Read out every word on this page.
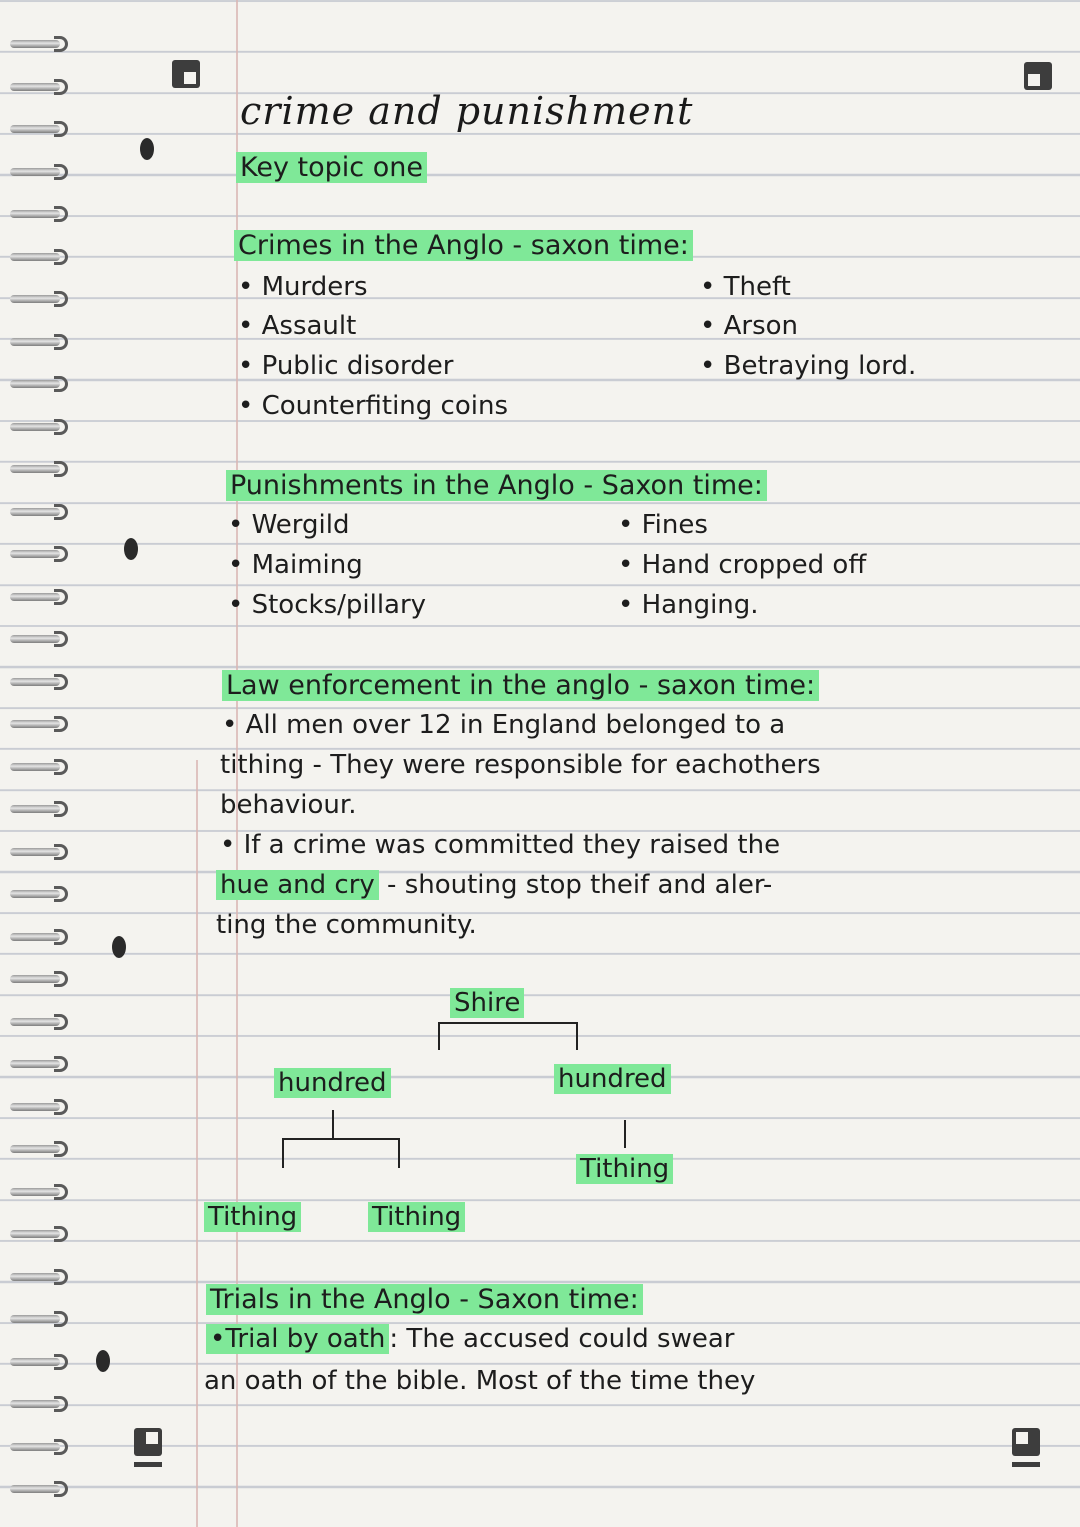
crime and punishment
Key topic one
Crimes in the Anglo - saxon time:
• Murders
• Assault
• Public disorder
• Counterfiting coins
• Theft
• Arson
• Betraying lord.
Punishments in the Anglo - Saxon time:
• Wergild
• Maiming
• Stocks/pillary
• Fines
• Hand cropped off
• Hanging.
Law enforcement in the anglo - saxon time:
• All men over 12 in England belonged to a
tithing - They were responsible for eachothers
behaviour.
• If a crime was committed they raised the
hue and cry - shouting stop theif and aler-
ting the community.
Shire
hundred	hundred
Tithing
Tithing	Tithing
Trials in the Anglo - Saxon time:
•Trial by oath : The accused could swear
an oath of the bible. Most of the time they
